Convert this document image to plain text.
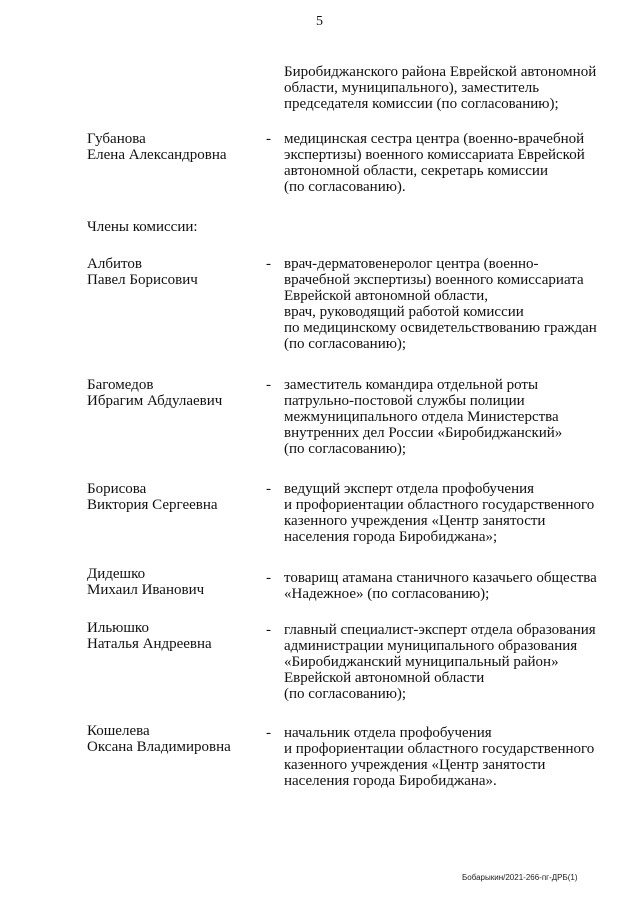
5

Биробиджанского района Еврейской автономной

области, муниципального), заместитель

председателя комиссии (по согласованию);

Губанова

Елена Александровна

- медицинская сестра центра (военно-врачебной

экспертизы) военного комиссариата Еврейской

автономной области, секретарь комиссии

(по согласованию).

Члены комиссии:

Албитов

Павел Борисович

- врач-дерматовенеролог центра (военно-

врачебной экспертизы) военного комиссариата

Еврейской автономной области,

врач, руководящий работой комиссии

по медицинскому освидетельствованию граждан

(по согласованию);

Багомедов

Ибрагим Абдулаевич

- заместитель командира отдельной роты

патрульно-постовой службы полиции

межмуниципального отдела Министерства

внутренних дел России «Биробиджанский»

(по согласованию);

Борисова

Виктория Сергеевна

- ведущий эксперт отдела профобучения

и профориентации областного государственного

казенного учреждения «Центр занятости

населения города Биробиджана»;

Дидешко

Михаил Иванович

- товарищ атамана станичного казачьего общества

«Надежное» (по согласованию);

Ильюшко

Наталья Андреевна

- главный специалист-эксперт отдела образования

администрации муниципального образования

«Биробиджанский муниципальный район»

Еврейской автономной области

(по согласованию);

Кошелева

Оксана Владимировна

- начальник отдела профобучения

и профориентации областного государственного

казенного учреждения «Центр занятости

населения города Биробиджана».

Бобарыкин/2021-266-пг-ДРБ(1)
